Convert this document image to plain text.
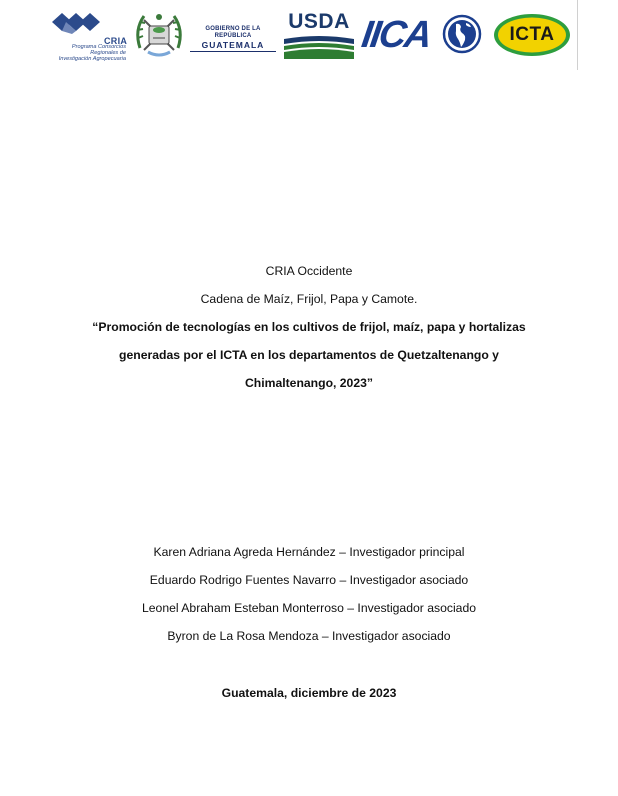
CRIA
Programa Consorcios
Regionales de
Investigación Agropecuaria
GOBIERNO DE LA REPÚBLICA
GUATEMALA
USDA IICA	ICTA
CRIA Occidente
Cadena de Maíz, Frijol, Papa y Camote.
“Promoción de tecnologías en los cultivos de frijol, maíz, papa y hortalizas
generadas por el ICTA en los departamentos de Quetzaltenango y
Chimaltenango, 2023”
Karen Adriana Agreda Hernández – Investigador principal
Eduardo Rodrigo Fuentes Navarro – Investigador asociado
Leonel Abraham Esteban Monterroso – Investigador asociado
Byron de La Rosa Mendoza – Investigador asociado
Guatemala, diciembre de 2023
